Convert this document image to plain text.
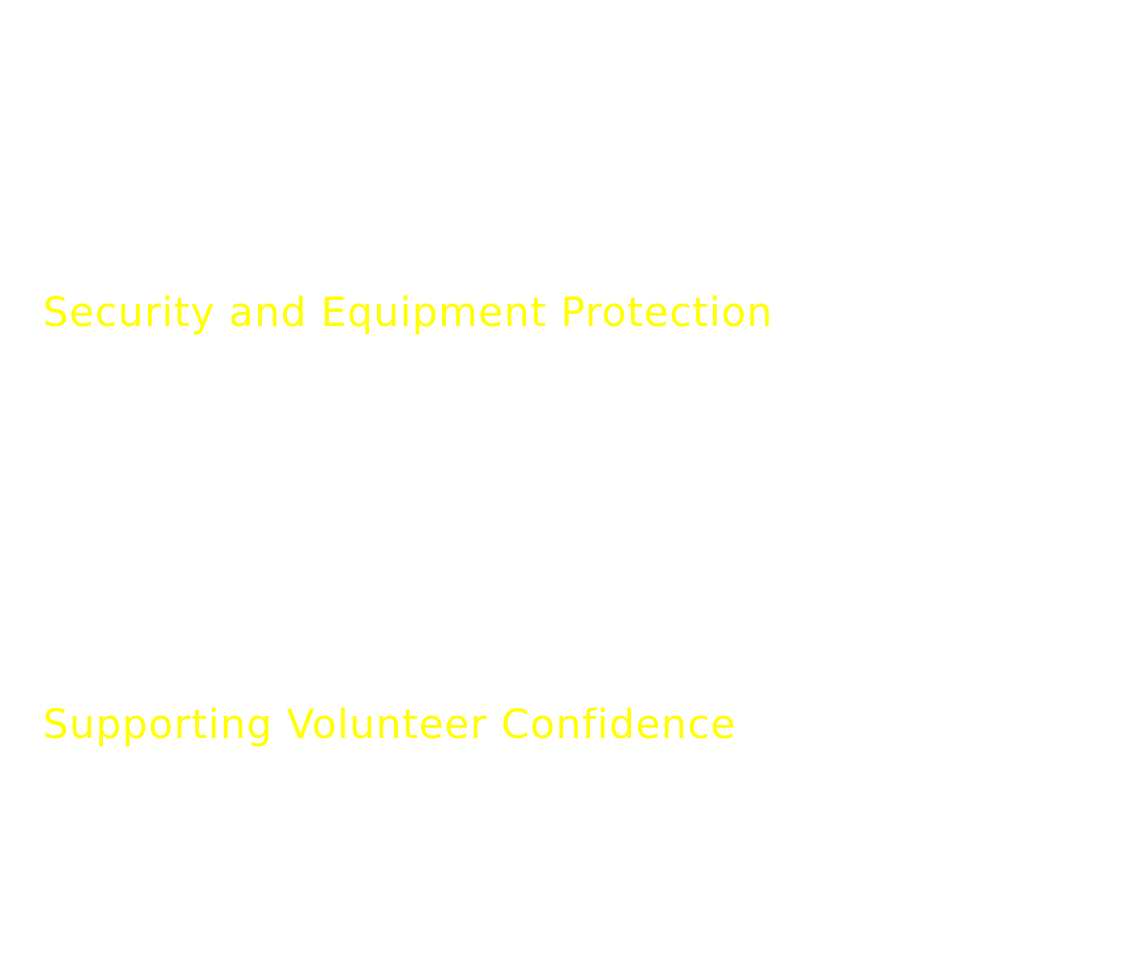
Security and Equipment Protection
Supporting Volunteer Confidence
